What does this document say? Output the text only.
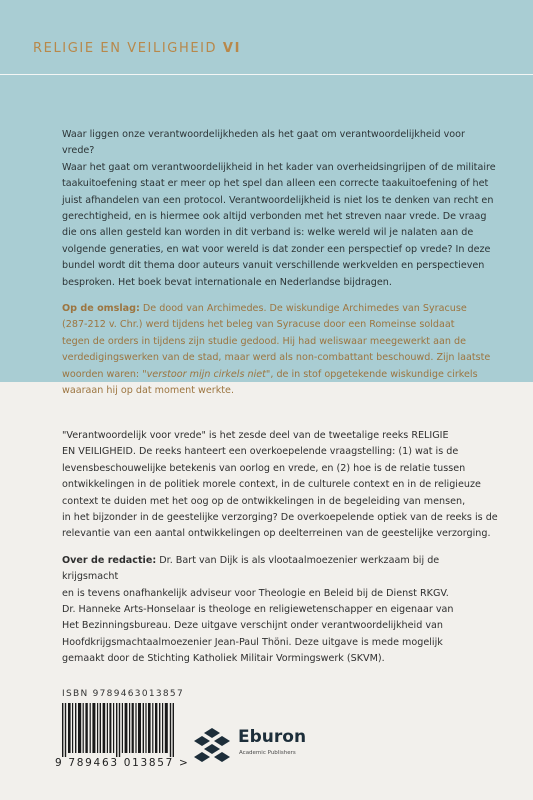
RELIGIE EN VEILIGHEID VI

Waar liggen onze verantwoordelijkheden als het gaat om verantwoordelijkheid voor vrede?
Waar het gaat om verantwoordelijkheid in het kader van overheidsingrijpen of de militaire
taakuitoefening staat er meer op het spel dan alleen een correcte taakuitoefening of het
juist afhandelen van een protocol. Verantwoordelijkheid is niet los te denken van recht en
gerechtigheid, en is hiermee ook altijd verbonden met het streven naar vrede. De vraag
die ons allen gesteld kan worden in dit verband is: welke wereld wil je nalaten aan de
volgende generaties, en wat voor wereld is dat zonder een perspectief op vrede? In deze
bundel wordt dit thema door auteurs vanuit verschillende werkvelden en perspectieven
besproken. Het boek bevat internationale en Nederlandse bijdragen.

Op de omslag: De dood van Archimedes. De wiskundige Archimedes van Syracuse
(287-212 v. Chr.) werd tijdens het beleg van Syracuse door een Romeinse soldaat
tegen de orders in tijdens zijn studie gedood. Hij had weliswaar meegewerkt aan de
verdedigingswerken van de stad, maar werd als non-combattant beschouwd. Zijn laatste
woorden waren: "verstoor mijn cirkels niet", de in stof opgetekende wiskundige cirkels
waaraan hij op dat moment werkte.

"Verantwoordelijk voor vrede" is het zesde deel van de tweetalige reeks RELIGIE
EN VEILIGHEID. De reeks hanteert een overkoepelende vraagstelling: (1) wat is de
levensbeschouwelijke betekenis van oorlog en vrede, en (2) hoe is de relatie tussen
ontwikkelingen in de politiek morele context, in de culturele context en in de religieuze
context te duiden met het oog op de ontwikkelingen in de begeleiding van mensen,
in het bijzonder in de geestelijke verzorging? De overkoepelende optiek van de reeks is de
relevantie van een aantal ontwikkelingen op deelterreinen van de geestelijke verzorging.

Over de redactie: Dr. Bart van Dijk is als vlootaalmoezenier werkzaam bij de krijgsmacht
en is tevens onafhankelijk adviseur voor Theologie en Beleid bij de Dienst RKGV.
Dr. Hanneke Arts-Honselaar is theologe en religiewetenschapper en eigenaar van
Het Bezinningsbureau. Deze uitgave verschijnt onder verantwoordelijkheid van
Hoofdkrijgsmachtaalmoezenier Jean-Paul Thöni. Deze uitgave is mede mogelijk
gemaakt door de Stichting Katholiek Militair Vormingswerk (SKVM).

ISBN 9789463013857
9 789463 013857 >
Eburon
Academic Publishers
